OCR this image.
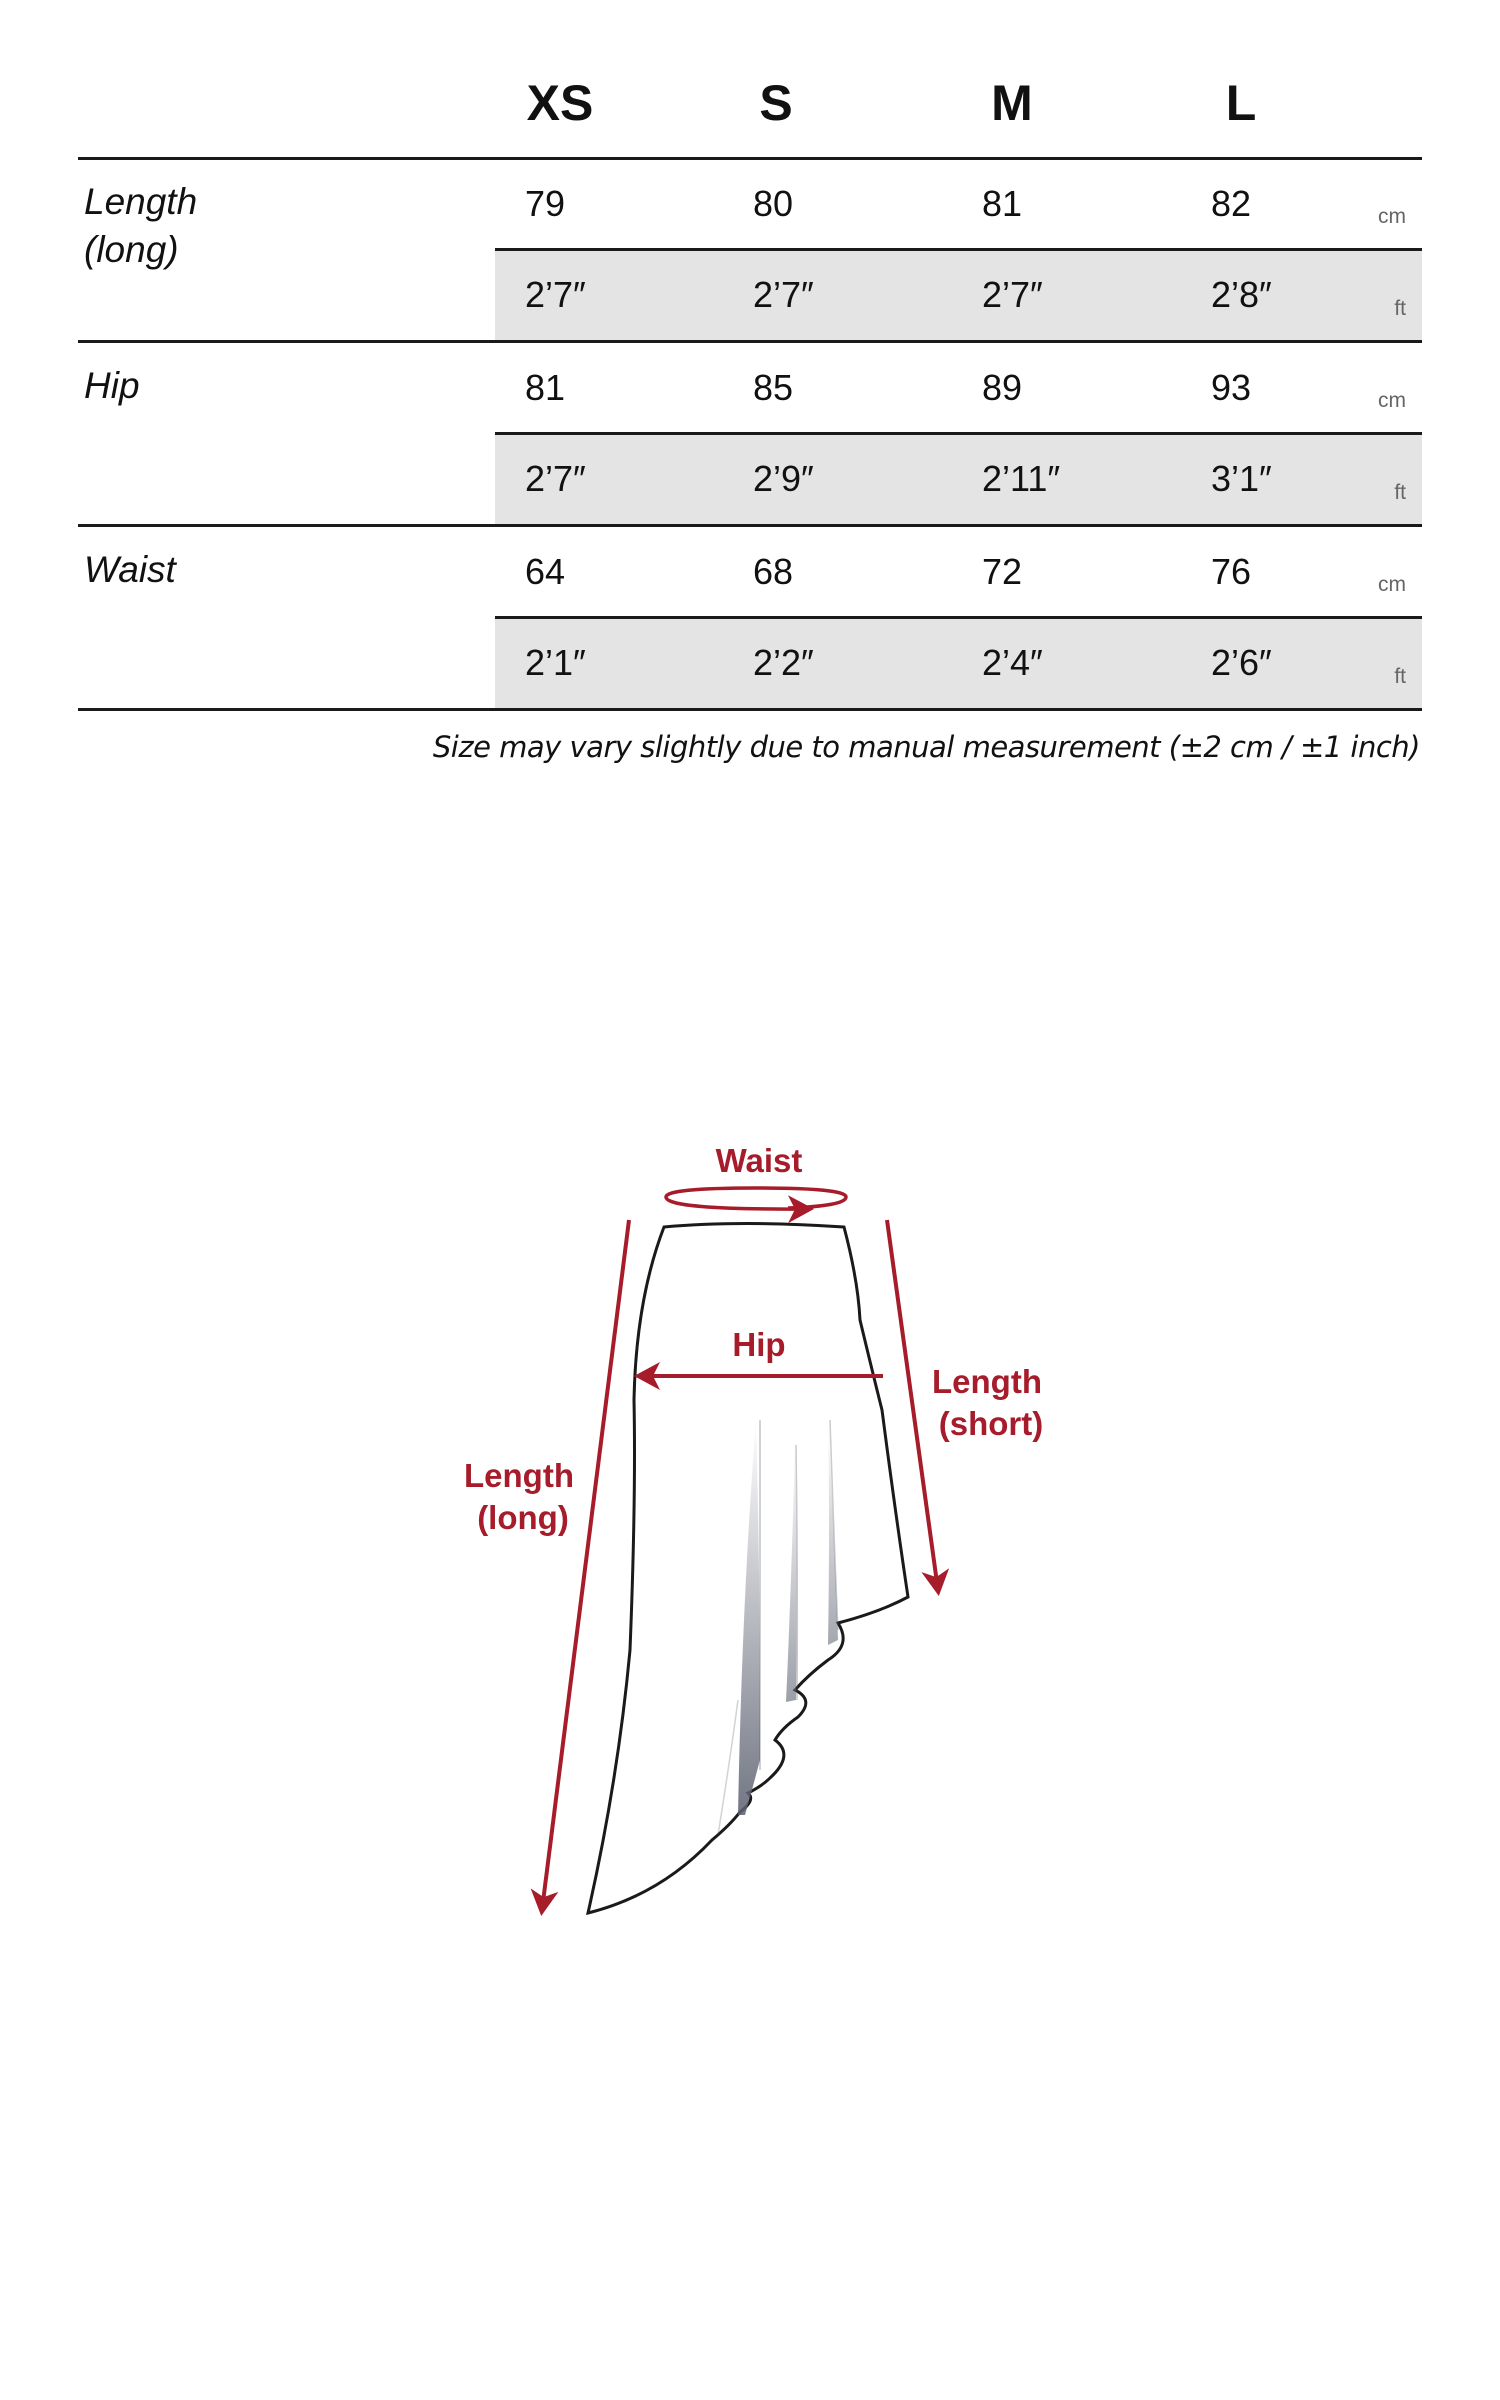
XS	S	M	L
Length
(long)
79	80	81	82	cm
2’7″	2’7″	2’7″	2’8″	ft
Hip	81	85	89	93	cm
2’7″	2’9″	2’11″	3’1″	ft
Waist	64	68	72	76	cm
2’1″	2’2″	2’4″	2’6″	ft
Size may vary slightly due to manual measurement (±2 cm / ±1 inch)
Waist
Hip
Length
(short)
Length
(long)
